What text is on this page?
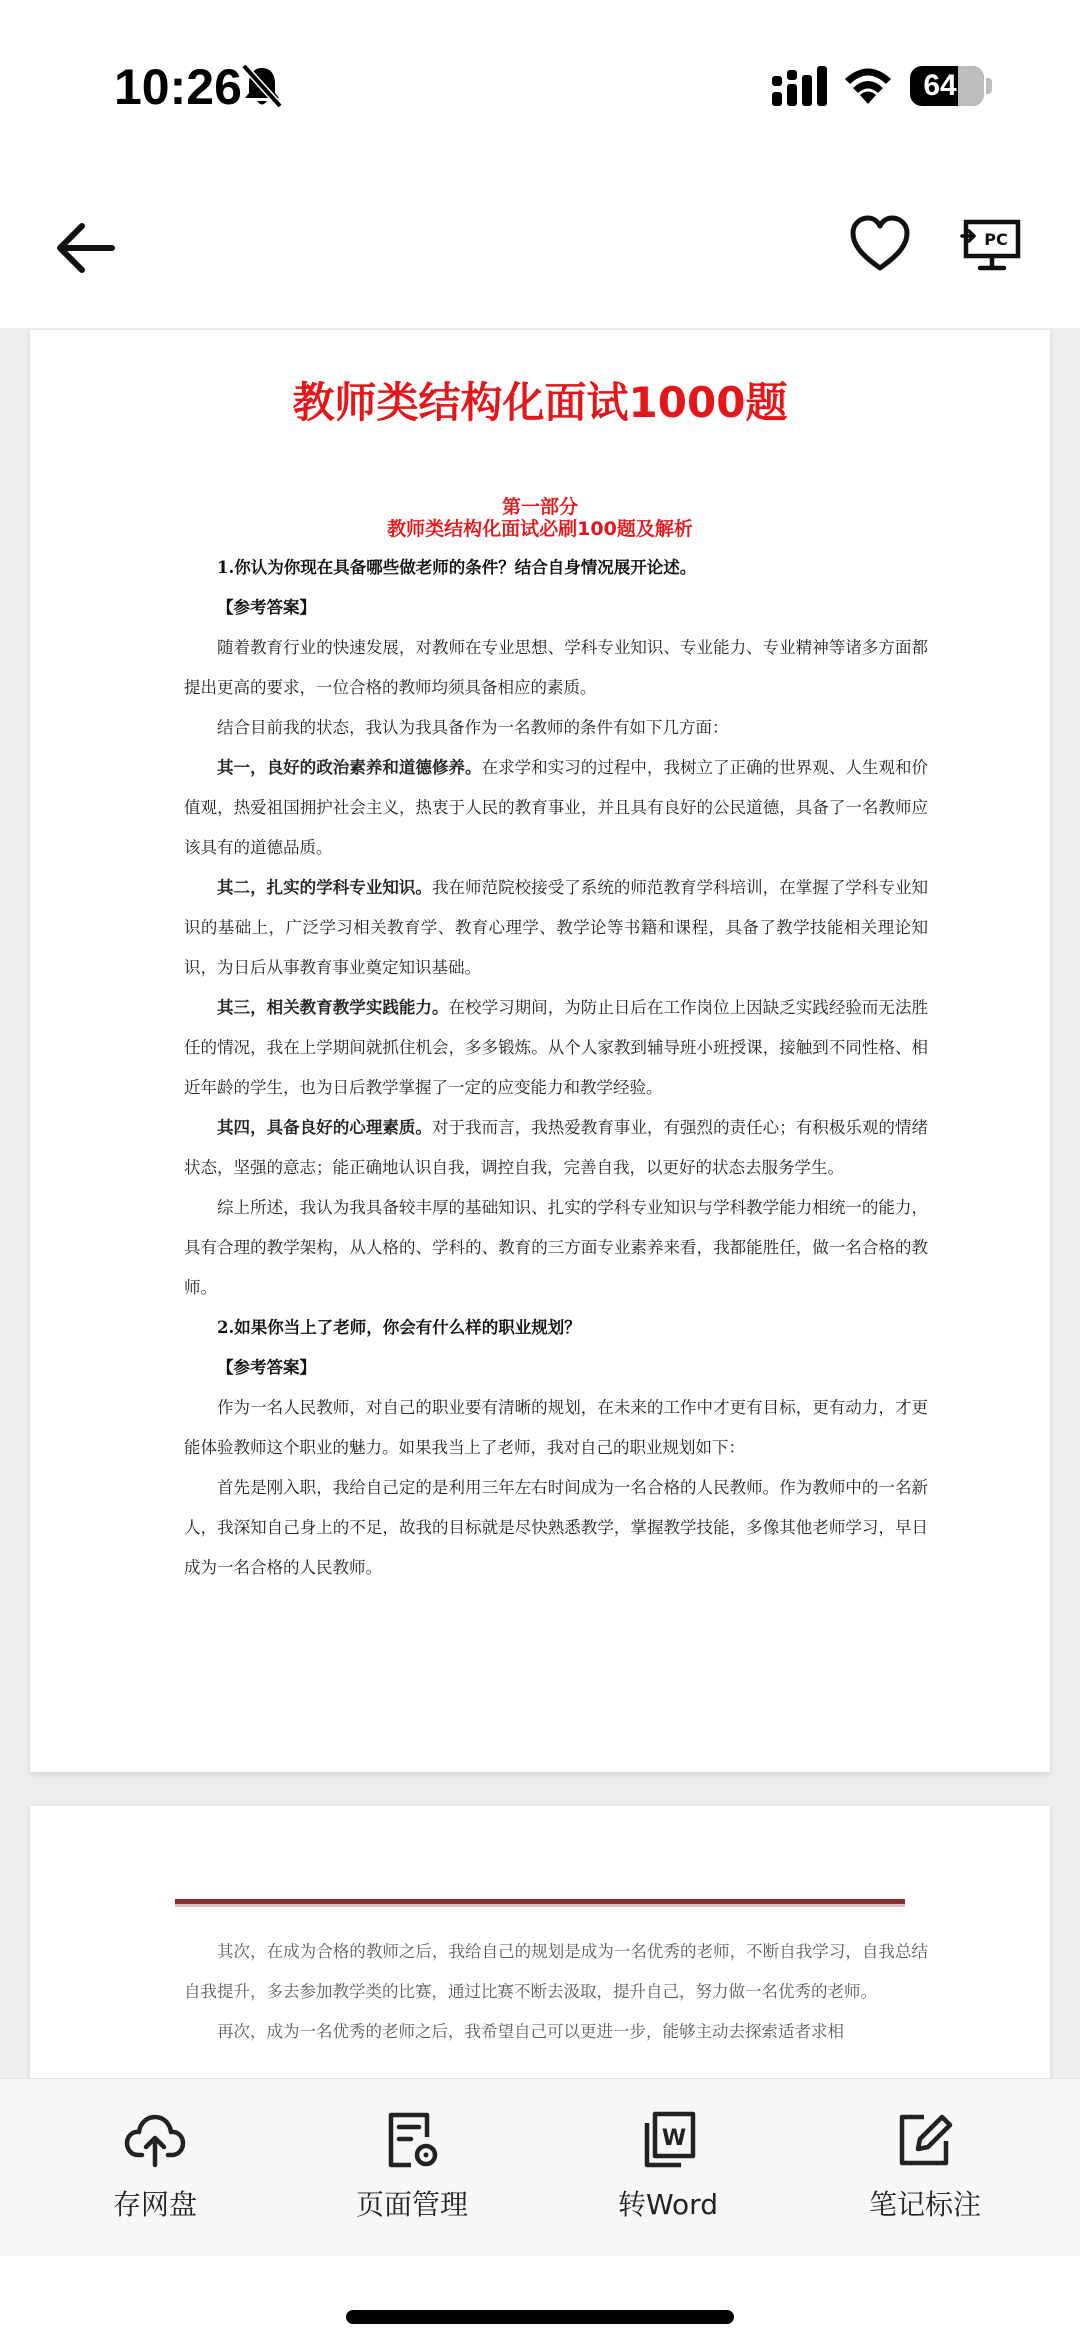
10:26	64
PC
教师类结构化面试1000题
第一部分
教师类结构化面试必刷100题及解析

1.你认为你现在具备哪些做老师的条件？结合自身情况展开论述。

【参考答案】

随着教育行业的快速发展，对教师在专业思想、学科专业知识、专业能力、专业精神等诸多方面都提出更高的要求，一位合格的教师均须具备相应的素质。

结合目前我的状态，我认为我具备作为一名教师的条件有如下几方面：

其一，良好的政治素养和道德修养。在求学和实习的过程中，我树立了正确的世界观、人生观和价值观，热爱祖国拥护社会主义，热衷于人民的教育事业，并且具有良好的公民道德，具备了一名教师应该具有的道德品质。

其二，扎实的学科专业知识。我在师范院校接受了系统的师范教育学科培训，在掌握了学科专业知识的基础上，广泛学习相关教育学、教育心理学、教学论等书籍和课程，具备了教学技能相关理论知识，为日后从事教育事业奠定知识基础。

其三，相关教育教学实践能力。在校学习期间，为防止日后在工作岗位上因缺乏实践经验而无法胜任的情况，我在上学期间就抓住机会，多多锻炼。从个人家教到辅导班小班授课，接触到不同性格、相近年龄的学生，也为日后教学掌握了一定的应变能力和教学经验。

其四，具备良好的心理素质。对于我而言，我热爱教育事业，有强烈的责任心；有积极乐观的情绪状态，坚强的意志；能正确地认识自我，调控自我，完善自我，以更好的状态去服务学生。

综上所述，我认为我具备较丰厚的基础知识、扎实的学科专业知识与学科教学能力相统一的能力，具有合理的教学架构，从人格的、学科的、教育的三方面专业素养来看，我都能胜任，做一名合格的教师。

2.如果你当上了老师，你会有什么样的职业规划？

【参考答案】

作为一名人民教师，对自己的职业要有清晰的规划，在未来的工作中才更有目标，更有动力，才更能体验教师这个职业的魅力。如果我当上了老师，我对自己的职业规划如下：

首先是刚入职，我给自己定的是利用三年左右时间成为一名合格的人民教师。作为教师中的一名新人，我深知自己身上的不足，故我的目标就是尽快熟悉教学，掌握教学技能，多像其他老师学习，早日成为一名合格的人民教师。

其次，在成为合格的教师之后，我给自己的规划是成为一名优秀的老师，不断自我学习，自我总结自我提升，多去参加教学类的比赛，通过比赛不断去汲取，提升自己，努力做一名优秀的老师。

再次，成为一名优秀的老师之后，我希望自己可以更进一步，能够主动去探索适者求相

存网盘	页面管理
W
转Word	笔记标注
